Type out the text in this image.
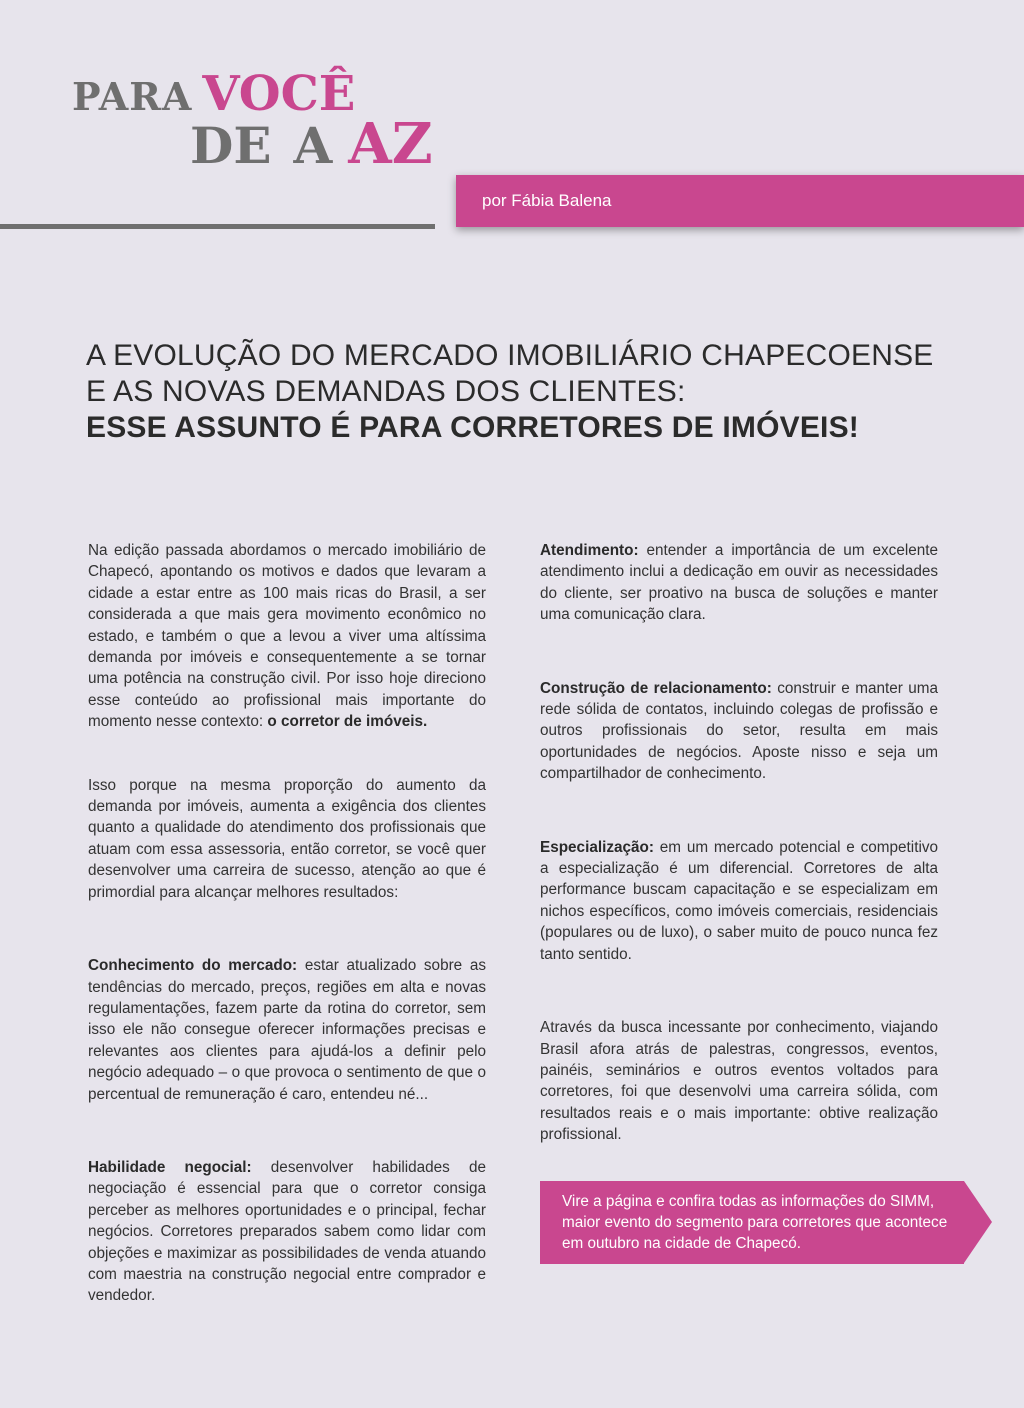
PARA VOCÊ
DE A AZ
por Fábia Balena
A EVOLUÇÃO DO MERCADO IMOBILIÁRIO CHAPECOENSE
E AS NOVAS DEMANDAS DOS CLIENTES:
ESSE ASSUNTO É PARA CORRETORES DE IMÓVEIS!

Na edição passada abordamos o mercado imobiliário de Chapecó, apontando os motivos e dados que levaram a cidade a estar entre as 100 mais ricas do Brasil, a ser considerada a que mais gera movimento econômico no estado, e também o que a levou a viver uma altíssima demanda por imóveis e consequentemente a se tornar uma potência na construção civil. Por isso hoje direciono esse conteúdo ao profissional mais importante do momento nesse contexto: o corretor de imóveis.

Isso porque na mesma proporção do aumento da demanda por imóveis, aumenta a exigência dos clientes quanto a qualidade do atendimento dos profissionais que atuam com essa assessoria, então corretor, se você quer desenvolver uma carreira de sucesso, atenção ao que é primordial para alcançar melhores resultados:

Conhecimento do mercado: estar atualizado sobre as tendências do mercado, preços, regiões em alta e novas regulamentações, fazem parte da rotina do corretor, sem isso ele não consegue oferecer informações precisas e relevantes aos clientes para ajudá-los a definir pelo negócio adequado – o que provoca o sentimento de que o percentual de remuneração é caro, entendeu né...

Habilidade negocial: desenvolver habilidades de negociação é essencial para que o corretor consiga perceber as melhores oportunidades e o principal, fechar negócios. Corretores preparados sabem como lidar com objeções e maximizar as possibilidades de venda atuando com maestria na construção negocial entre comprador e vendedor.

Atendimento: entender a importância de um excelente atendimento inclui a dedicação em ouvir as necessidades do cliente, ser proativo na busca de soluções e manter uma comunicação clara.

Construção de relacionamento: construir e manter uma rede sólida de contatos, incluindo colegas de profissão e outros profissionais do setor, resulta em mais oportunidades de negócios. Aposte nisso e seja um compartilhador de conhecimento.

Especialização: em um mercado potencial e competitivo a especialização é um diferencial. Corretores de alta performance buscam capacitação e se especializam em nichos específicos, como imóveis comerciais, residenciais (populares ou de luxo), o saber muito de pouco nunca fez tanto sentido.

Através da busca incessante por conhecimento, viajando Brasil afora atrás de palestras, congressos, eventos, painéis, seminários e outros eventos voltados para corretores, foi que desenvolvi uma carreira sólida, com resultados reais e o mais importante: obtive realização profissional.

Vire a página e confira todas as informações do SIMM, maior evento do segmento para corretores que acontece em outubro na cidade de Chapecó.
